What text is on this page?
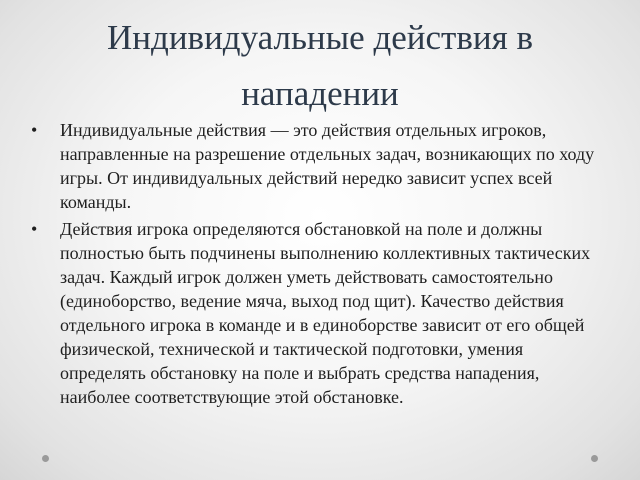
Индивидуальные действия в нападении
• Индивидуальные действия — это действия отдельных игроков, направленные на разрешение отдельных задач, возникающих по ходу игры. От индивидуальных действий нередко зависит успех всей команды.
• Действия игрока определяются обстановкой на поле и должны полностью быть подчинены выполнению коллективных тактических задач. Каждый игрок должен уметь действовать самостоятельно (единоборство, ведение мяча, выход под щит). Качество действия отдельного игрока в команде и в единоборстве зависит от его общей физической, технической и тактической подготовки, умения определять обстановку на поле и выбрать средства нападения, наиболее соответствующие этой обстановке.
